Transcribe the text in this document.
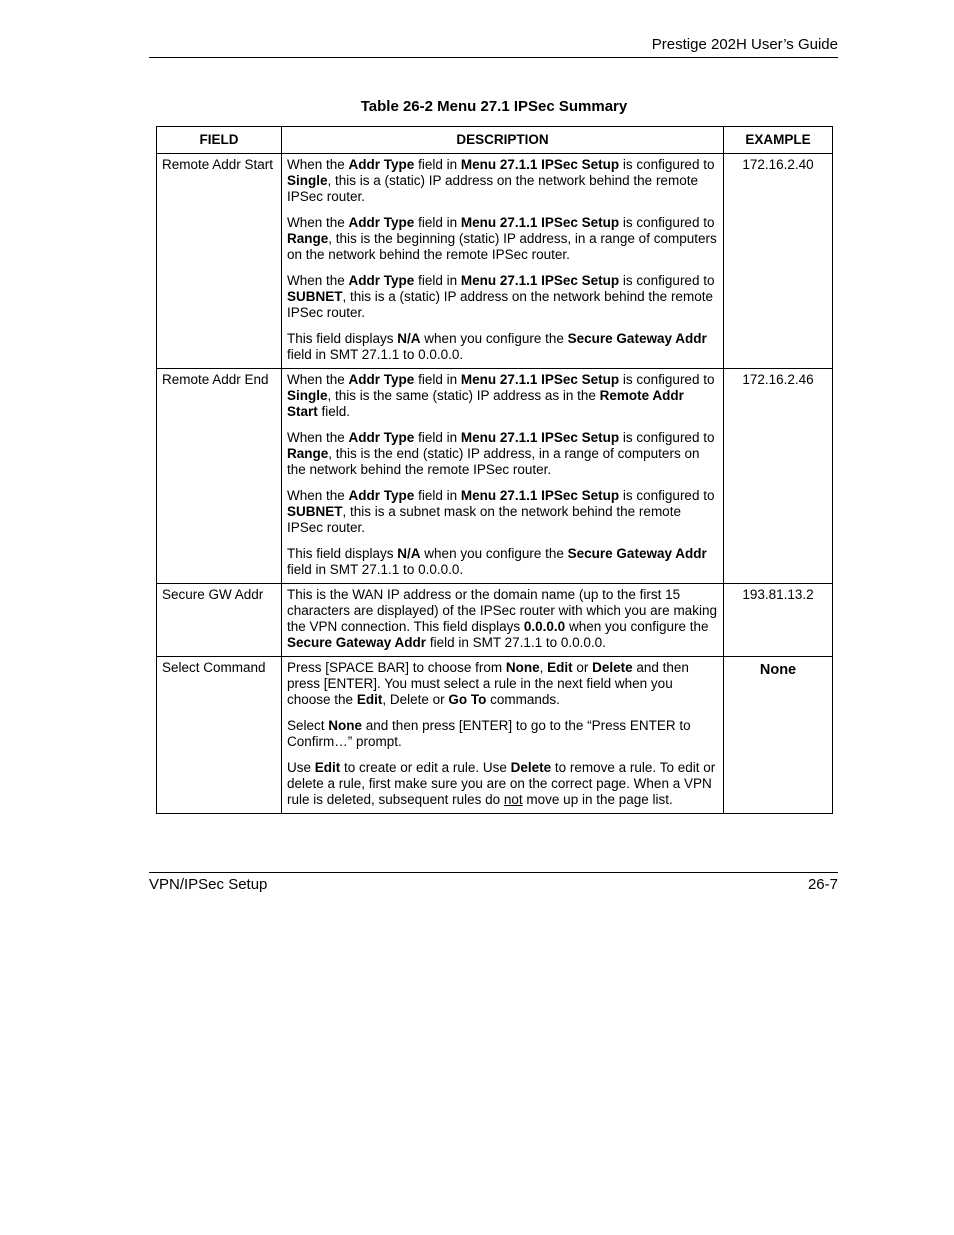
Prestige 202H User’s Guide
Table 26-2 Menu 27.1 IPSec Summary
FIELD	DESCRIPTION	EXAMPLE
Remote Addr Start	When the Addr Type field in Menu 27.1.1 IPSec Setup is configured to Single, this is a (static) IP address on the network behind the remote IPSec router.

When the Addr Type field in Menu 27.1.1 IPSec Setup is configured to Range, this is the beginning (static) IP address, in a range of computers on the network behind the remote IPSec router.

When the Addr Type field in Menu 27.1.1 IPSec Setup is configured to SUBNET, this is a (static) IP address on the network behind the remote IPSec router.

This field displays N/A when you configure the Secure Gateway Addr field in SMT 27.1.1 to 0.0.0.0.	172.16.2.40
Remote Addr End	When the Addr Type field in Menu 27.1.1 IPSec Setup is configured to Single, this is the same (static) IP address as in the Remote Addr Start field.

When the Addr Type field in Menu 27.1.1 IPSec Setup is configured to Range, this is the end (static) IP address, in a range of computers on the network behind the remote IPSec router.

When the Addr Type field in Menu 27.1.1 IPSec Setup is configured to SUBNET, this is a subnet mask on the network behind the remote IPSec router.

This field displays N/A when you configure the Secure Gateway Addr field in SMT 27.1.1 to 0.0.0.0.	172.16.2.46
Secure GW Addr	This is the WAN IP address or the domain name (up to the first 15 characters are displayed) of the IPSec router with which you are making the VPN connection. This field displays 0.0.0.0 when you configure the Secure Gateway Addr field in SMT 27.1.1 to 0.0.0.0.	193.81.13.2
Select Command	Press [SPACE BAR] to choose from None, Edit or Delete and then press [ENTER]. You must select a rule in the next field when you choose the Edit, Delete or Go To commands.

Select None and then press [ENTER] to go to the “Press ENTER to Confirm…” prompt.

Use Edit to create or edit a rule. Use Delete to remove a rule. To edit or delete a rule, first make sure you are on the correct page. When a VPN rule is deleted, subsequent rules do not move up in the page list.	None
VPN/IPSec Setup	26-7
